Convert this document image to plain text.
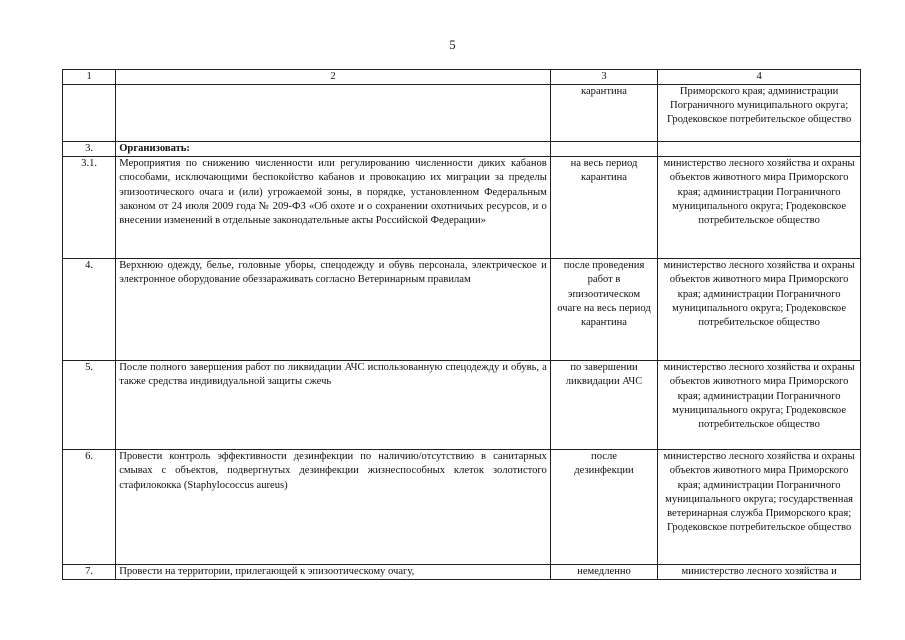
5
1	2	3	4
		карантина	Приморского края; администрации Пограничного муниципального округа; Гродековское потребительское общество
3.	Организовать:		
3.1.	Мероприятия по снижению численности или регулированию численности диких кабанов способами, исключающими беспокойство кабанов и провокацию их миграции за пределы эпизоотического очага и (или) угрожаемой зоны, в порядке, установленном Федеральным законом от 24 июля 2009 года № 209-ФЗ «Об охоте и о сохранении охотничьих ресурсов, и о внесении изменений в отдельные законодательные акты Российской Федерации»	на весь период карантина	министерство лесного хозяйства и охраны объектов животного мира Приморского края; администрации Пограничного муниципального округа; Гродековское потребительское общество
4.	Верхнюю одежду, белье, головные уборы, спецодежду и обувь персонала, электрическое и электронное оборудование обеззараживать согласно Ветеринарным правилам	после проведения работ в эпизоотическом очаге на весь период карантина	министерство лесного хозяйства и охраны объектов животного мира Приморского края; администрации Пограничного муниципального округа; Гродековское потребительское общество
5.	После полного завершения работ по ликвидации АЧС использованную спецодежду и обувь, а также средства индивидуальной защиты сжечь	по завершении ликвидации АЧС	министерство лесного хозяйства и охраны объектов животного мира Приморского края; администрации Пограничного муниципального округа; Гродековское потребительское общество
6.	Провести контроль эффективности дезинфекции по наличию/отсутствию в санитарных смывах с объектов, подвергнутых дезинфекции жизнеспособных клеток золотистого стафилококка (Staphylococcus aureus)	после дезинфекции	министерство лесного хозяйства и охраны объектов животного мира Приморского края; администрации Пограничного муниципального округа; государственная ветеринарная служба Приморского края; Гродековское потребительское общество
7.	Провести на территории, прилегающей к эпизоотическому очагу,	немедленно	министерство лесного хозяйства и
